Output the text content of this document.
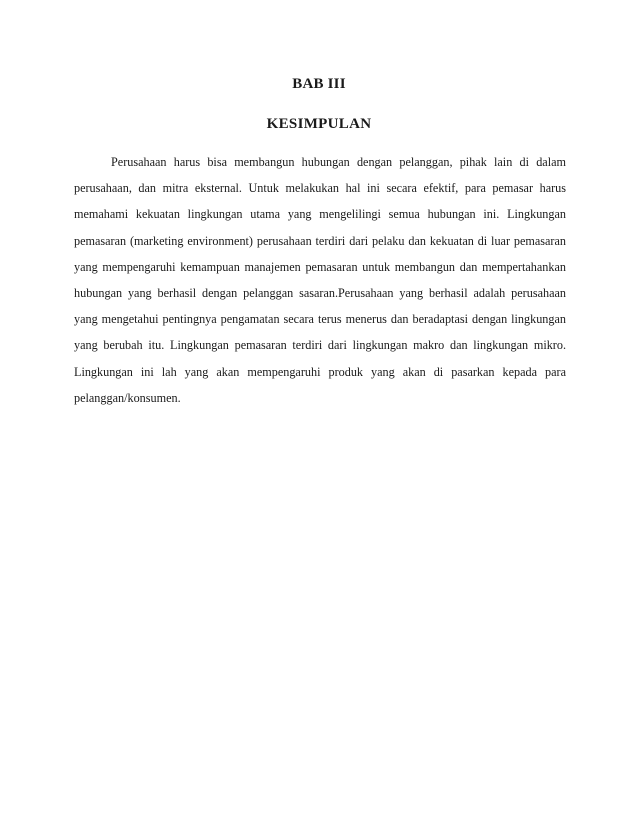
BAB III
KESIMPULAN

Perusahaan harus bisa membangun hubungan dengan pelanggan, pihak lain di dalam perusahaan, dan mitra eksternal. Untuk melakukan hal ini secara efektif, para pemasar harus memahami kekuatan lingkungan utama yang mengelilingi semua hubungan ini. Lingkungan pemasaran (marketing environment) perusahaan terdiri dari pelaku dan kekuatan di luar pemasaran yang mempengaruhi kemampuan manajemen pemasaran untuk membangun dan mempertahankan hubungan yang berhasil dengan pelanggan sasaran.Perusahaan yang berhasil adalah perusahaan yang mengetahui pentingnya pengamatan secara terus menerus dan beradaptasi dengan lingkungan yang berubah itu. Lingkungan pemasaran terdiri dari lingkungan makro dan lingkungan mikro. Lingkungan ini lah yang akan mempengaruhi produk yang akan di pasarkan kepada para pelanggan/konsumen.
